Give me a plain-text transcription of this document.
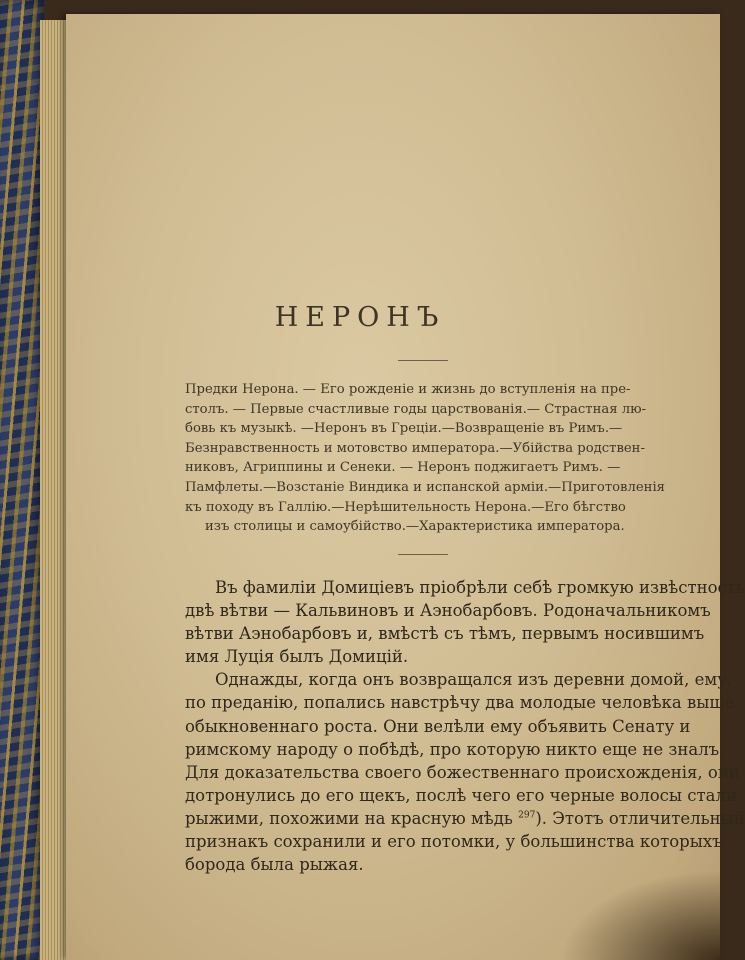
НЕРОНЪ
Предки Нерона. — Его рожденіе и жизнь до вступленія на пре-
столъ. — Первые счастливые годы царствованія.— Страстная лю-
бовь къ музыкѣ. —Неронъ въ Греціи.—Возвращеніе въ Римъ.—
Безнравственность и мотовство императора.—Убійства родствен-
никовъ, Агриппины и Сенеки. — Неронъ поджигаетъ Римъ. —
Памфлеты.—Возстаніе Виндика и испанской арміи.—Приготовленія
къ походу въ Галлію.—Нерѣшительность Нерона.—Его бѣгство
изъ столицы и самоубійство.—Характеристика императора.
Въ фамиліи Домиціевъ пріобрѣли себѣ громкую извѣстность
двѣ вѣтви — Кальвиновъ и Аэнобарбовъ. Родоначальникомъ
вѣтви Аэнобарбовъ и, вмѣстѣ съ тѣмъ, первымъ носившимъ
имя Луція былъ Домицій.
Однажды, когда онъ возвращался изъ деревни домой, ему,
по преданію, попались навстрѣчу два молодые человѣка выше
обыкновеннаго роста. Они велѣли ему объявить Сенату и
римскому народу о побѣдѣ, про которую никто еще не зналъ.
Для доказательства своего божественнаго происхожденія, они
дотронулись до его щекъ, послѣ чего его черные волосы стали
рыжими, похожими на красную мѣдь $^{297}$). Этотъ отличительный
признакъ сохранили и его потомки, у большинства которыхъ
борода была рыжая.
